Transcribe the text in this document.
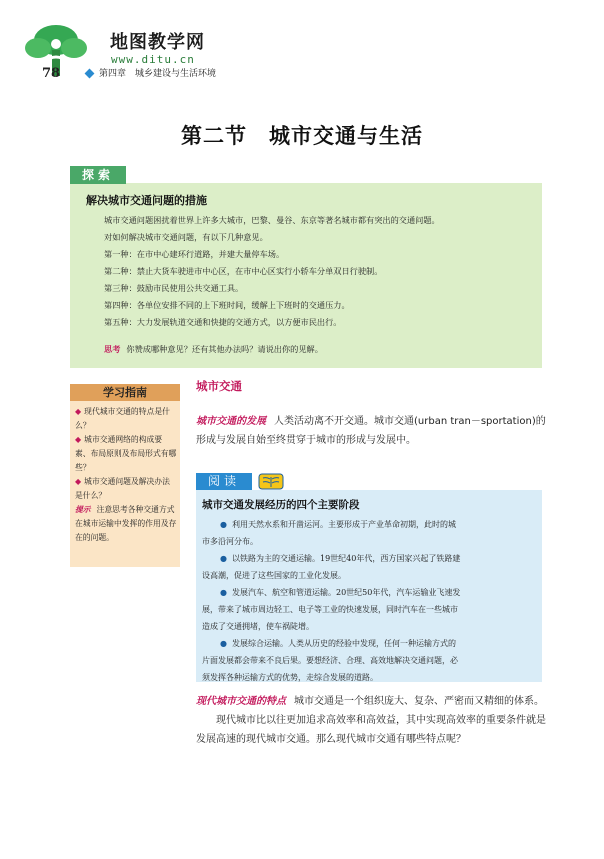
地图教学网
www.ditu.cn
78	第四章　城乡建设与生活环境
第二节　城市交通与生活
探索
解决城市交通问题的措施

城市交通问题困扰着世界上许多大城市，巴黎、曼谷、东京等著名城市都有突出的交通问题。

对如何解决城市交通问题，有以下几种意见。

第一种：在市中心建环行道路，并建大量停车场。

第二种：禁止大货车驶进市中心区，在市中心区实行小轿车分单双日行驶制。

第三种：鼓励市民使用公共交通工具。

第四种：各单位安排不同的上下班时间，缓解上下班时的交通压力。

第五种：大力发展轨道交通和快捷的交通方式，以方便市民出行。

思考 你赞成哪种意见？还有其他办法吗？请说出你的见解。
学习指南

◆ 现代城市交通的特点是什么？

◆ 城市交通网络的构成要素、布局原则及布局形式有哪些？

◆ 城市交通问题及解决办法是什么？

提示 注意思考各种交通方式在城市运输中发挥的作用及存在的问题。

城市交通

城市交通的发展 人类活动离不开交通。城市交通(urban tran－sportation)的形成与发展自始至终贯穿于城市的形成与发展中。

阅读
城市交通发展经历的四个主要阶段

● 利用天然水系和开凿运河。主要形成于产业革命初期，此时的城

市多沿河分布。

● 以铁路为主的交通运输。19世纪40年代，西方国家兴起了铁路建

设高潮，促进了这些国家的工业化发展。

● 发展汽车、航空和管道运输。20世纪50年代，汽车运输业飞速发

展，带来了城市周边轻工、电子等工业的快速发展，同时汽车在一些城市

造成了交通拥堵，使车祸陡增。

● 发展综合运输。人类从历史的经验中发现，任何一种运输方式的

片面发展都会带来不良后果。要想经济、合理、高效地解决交通问题，必

须发挥各种运输方式的优势，走综合发展的道路。

现代城市交通的特点 城市交通是一个组织庞大、复杂、严密而又精细的体系。

现代城市比以往更加追求高效率和高效益，其中实现高效率的重要条件就是发展高速的现代城市交通。那么现代城市交通有哪些特点呢？
